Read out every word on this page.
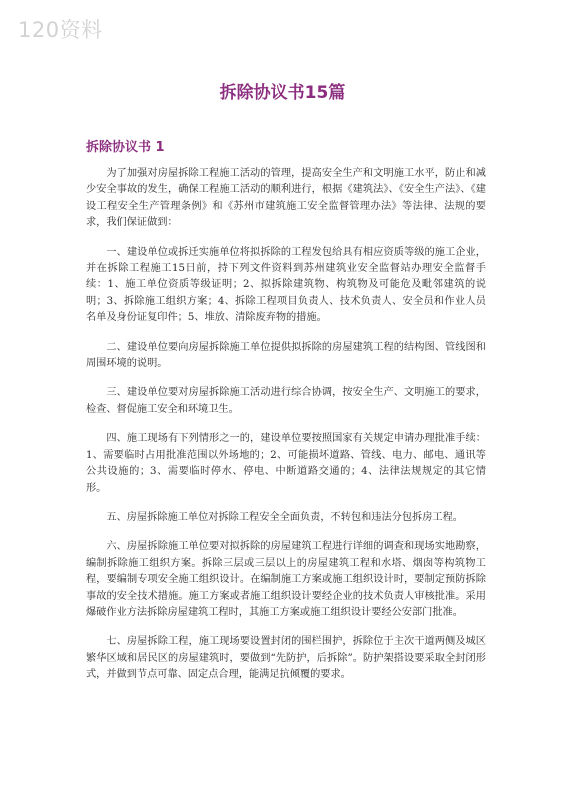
120资料
拆除协议书15篇
拆除协议书 1

为了加强对房屋拆除工程施工活动的管理，提高安全生产和文明施工水平，防止和减少安全事故的发生，确保工程施工活动的顺利进行，根据《建筑法》、《安全生产法》、《建设工程安全生产管理条例》和《苏州市建筑施工安全监督管理办法》等法律、法规的要求，我们保证做到：

一、建设单位或拆迁实施单位将拟拆除的工程发包给具有相应资质等级的施工企业，并在拆除工程施工15日前，持下列文件资料到苏州建筑业安全监督站办理安全监督手续：1、施工单位资质等级证明；2、拟拆除建筑物、构筑物及可能危及毗邻建筑的说明；3、拆除施工组织方案；4、拆除工程项目负责人、技术负责人、安全员和作业人员名单及身份证复印件；5、堆放、清除废弃物的措施。

二、建设单位要向房屋拆除施工单位提供拟拆除的房屋建筑工程的结构图、管线图和周围环境的说明。

三、建设单位要对房屋拆除施工活动进行综合协调，按安全生产、文明施工的要求，检查、督促施工安全和环境卫生。

四、施工现场有下列情形之一的，建设单位要按照国家有关规定申请办理批准手续：1、需要临时占用批准范围以外场地的；2、可能损坏道路、管线、电力、邮电、通讯等公共设施的；3、需要临时停水、停电、中断道路交通的；4、法律法规规定的其它情形。

五、房屋拆除施工单位对拆除工程安全全面负责，不转包和违法分包拆房工程。

六、房屋拆除施工单位要对拟拆除的房屋建筑工程进行详细的调查和现场实地勘察，编制拆除施工组织方案。拆除三层或三层以上的房屋建筑工程和水塔、烟囱等构筑物工程，要编制专项安全施工组织设计。在编制施工方案或施工组织设计时，要制定预防拆除事故的安全技术措施。施工方案或者施工组织设计要经企业的技术负责人审核批准。采用爆破作业方法拆除房屋建筑工程时，其施工方案或施工组织设计要经公安部门批准。

七、房屋拆除工程，施工现场要设置封闭的围栏围护，拆除位于主次干道两侧及城区繁华区域和居民区的房屋建筑时，要做到“先防护，后拆除”。防护架搭设要采取全封闭形式，并做到节点可靠、固定点合理，能满足抗倾覆的要求。
